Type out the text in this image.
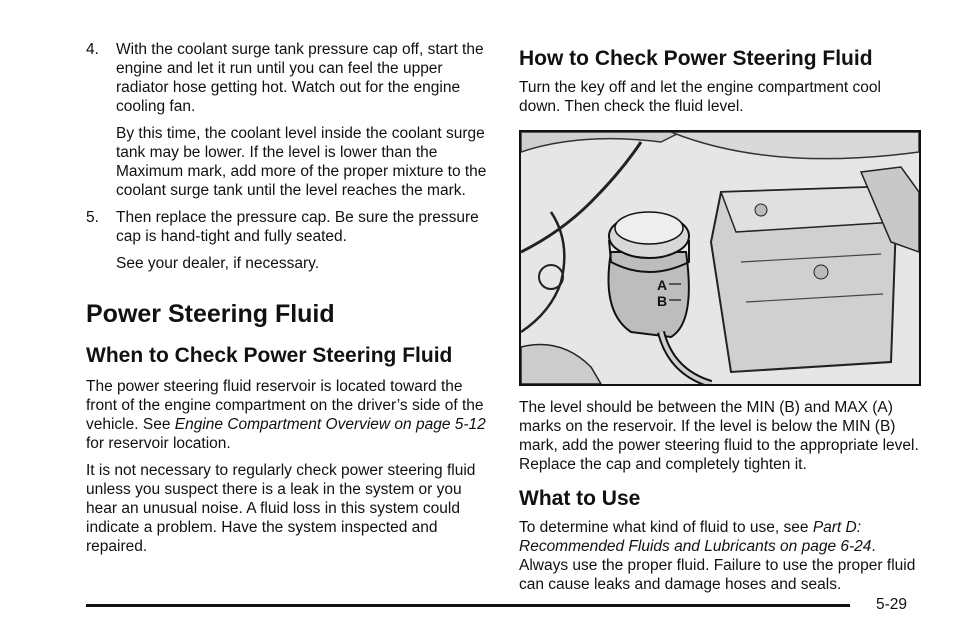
4. With the coolant surge tank pressure cap off, start the engine and let it run until you can feel the upper radiator hose getting hot. Watch out for the engine cooling fan.

By this time, the coolant level inside the coolant surge tank may be lower. If the level is lower than the Maximum mark, add more of the proper mixture to the coolant surge tank until the level reaches the mark.

5. Then replace the pressure cap. Be sure the pressure cap is hand-tight and fully seated.

See your dealer, if necessary.

Power Steering Fluid
When to Check Power Steering Fluid

The power steering fluid reservoir is located toward the front of the engine compartment on the driver’s side of the vehicle. See Engine Compartment Overview on page 5-12 for reservoir location.

It is not necessary to regularly check power steering fluid unless you suspect there is a leak in the system or you hear an unusual noise. A fluid loss in this system could indicate a problem. Have the system inspected and repaired.

How to Check Power Steering Fluid

Turn the key off and let the engine compartment cool down. Then check the fluid level.

A
B

The level should be between the MIN (B) and MAX (A) marks on the reservoir. If the level is below the MIN (B) mark, add the power steering fluid to the appropriate level. Replace the cap and completely tighten it.

What to Use

To determine what kind of fluid to use, see Part D: Recommended Fluids and Lubricants on page 6-24. Always use the proper fluid. Failure to use the proper fluid can cause leaks and damage hoses and seals.

5-29
